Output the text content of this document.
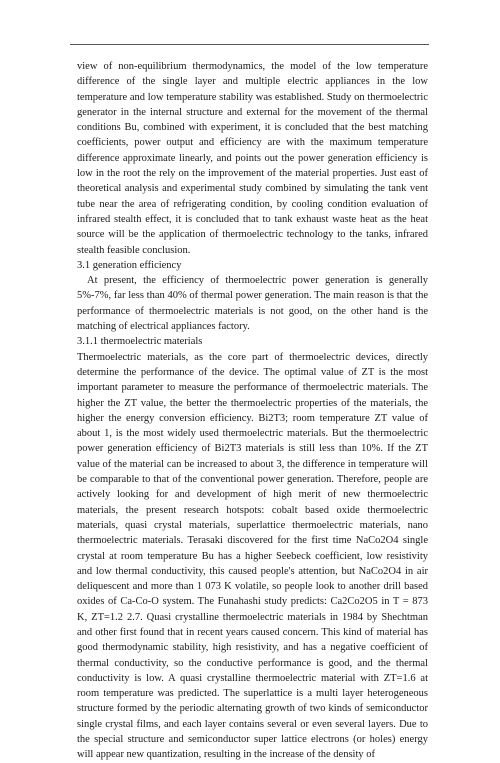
view of non-equilibrium thermodynamics, the model of the low temperature difference of the single layer and multiple electric appliances in the low temperature and low temperature stability was established. Study on thermoelectric generator in the internal structure and external for the movement of the thermal conditions Bu, combined with experiment, it is concluded that the best matching coefficients, power output and efficiency are with the maximum temperature difference approximate linearly, and points out the power generation efficiency is low in the root the rely on the improvement of the material properties. Just east of theoretical analysis and experimental study combined by simulating the tank vent tube near the area of refrigerating condition, by cooling condition evaluation of infrared stealth effect, it is concluded that to tank exhaust waste heat as the heat source will be the application of thermoelectric technology to the tanks, infrared stealth feasible conclusion.

3.1 generation efficiency

At present, the efficiency of thermoelectric power generation is generally 5%-7%, far less than 40% of thermal power generation. The main reason is that the performance of thermoelectric materials is not good, on the other hand is the matching of electrical appliances factory.

3.1.1 thermoelectric materials

Thermoelectric materials, as the core part of thermoelectric devices, directly determine the performance of the device. The optimal value of ZT is the most important parameter to measure the performance of thermoelectric materials. The higher the ZT value, the better the thermoelectric properties of the materials, the higher the energy conversion efficiency. Bi2T3; room temperature ZT value of about 1, is the most widely used thermoelectric materials. But the thermoelectric power generation efficiency of Bi2T3 materials is still less than 10%. If the ZT value of the material can be increased to about 3, the difference in temperature will be comparable to that of the conventional power generation. Therefore, people are actively looking for and development of high merit of new thermoelectric materials, the present research hotspots: cobalt based oxide thermoelectric materials, quasi crystal materials, superlattice thermoelectric materials, nano thermoelectric materials. Terasaki discovered for the first time NaCo2O4 single crystal at room temperature Bu has a higher Seebeck coefficient, low resistivity and low thermal conductivity, this caused people's attention, but NaCo2O4 in air deliquescent and more than 1 073 K volatile, so people look to another drill based oxides of Ca-Co-O system. The Funahashi study predicts: Ca2Co2O5 in T = 873 K, ZT=1.2 2.7. Quasi crystalline thermoelectric materials in 1984 by Shechtman and other first found that in recent years caused concern. This kind of material has good thermodynamic stability, high resistivity, and has a negative coefficient of thermal conductivity, so the conductive performance is good, and the thermal conductivity is low. A quasi crystalline thermoelectric material with ZT=1.6 at room temperature was predicted. The superlattice is a multi layer heterogeneous structure formed by the periodic alternating growth of two kinds of semiconductor single crystal films, and each layer contains several or even several layers. Due to the special structure and semiconductor super lattice electrons (or holes) energy will appear new quantization, resulting in the increase of the density of
